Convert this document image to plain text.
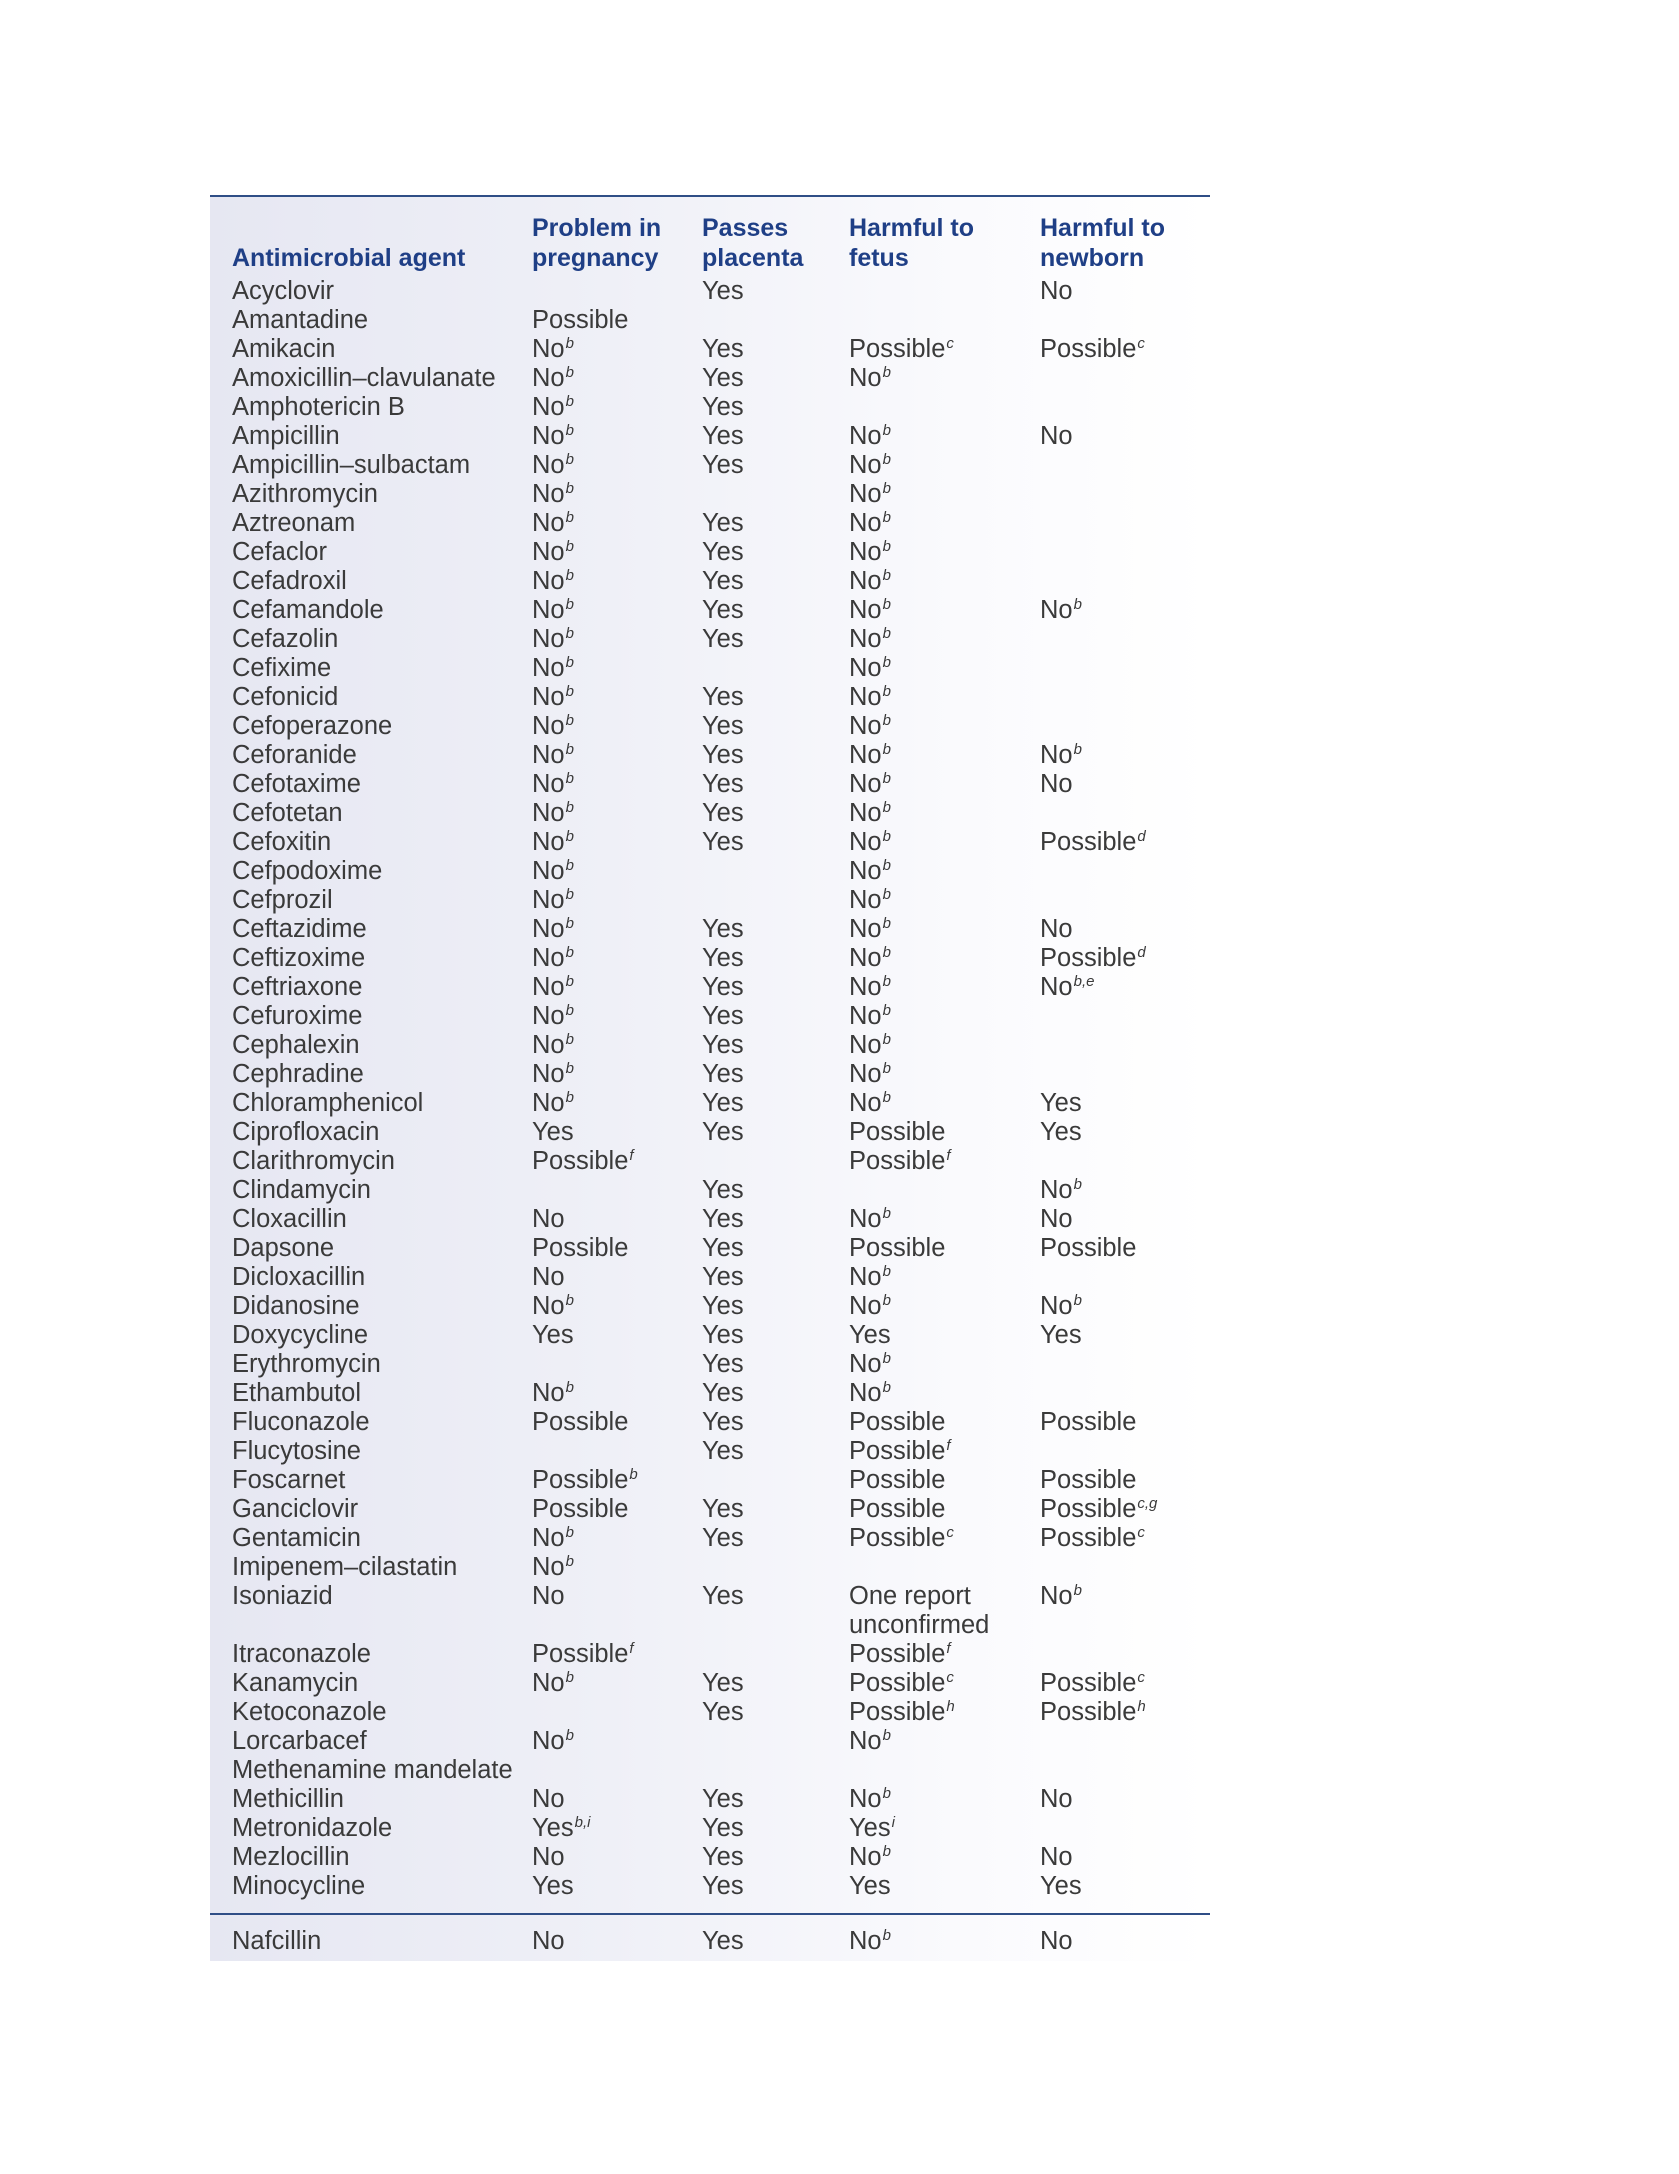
Antimicrobial agent	Problem in pregnancy	Passes placenta	Harmful to fetus	Harmful to newborn
Acyclovir		Yes		No
Amantadine	Possible			
Amikacin	No$^b$	Yes	Possible$^c$	Possible$^c$
Amoxicillin–clavulanate	No$^b$	Yes	No$^b$	
Amphotericin B	No$^b$	Yes		
Ampicillin	No$^b$	Yes	No$^b$	No
Ampicillin–sulbactam	No$^b$	Yes	No$^b$	
Azithromycin	No$^b$		No$^b$	
Aztreonam	No$^b$	Yes	No$^b$	
Cefaclor	No$^b$	Yes	No$^b$	
Cefadroxil	No$^b$	Yes	No$^b$	
Cefamandole	No$^b$	Yes	No$^b$	No$^b$
Cefazolin	No$^b$	Yes	No$^b$	
Cefixime	No$^b$		No$^b$	
Cefonicid	No$^b$	Yes	No$^b$	
Cefoperazone	No$^b$	Yes	No$^b$	
Ceforanide	No$^b$	Yes	No$^b$	No$^b$
Cefotaxime	No$^b$	Yes	No$^b$	No
Cefotetan	No$^b$	Yes	No$^b$	
Cefoxitin	No$^b$	Yes	No$^b$	Possible$^d$
Cefpodoxime	No$^b$		No$^b$	
Cefprozil	No$^b$		No$^b$	
Ceftazidime	No$^b$	Yes	No$^b$	No
Ceftizoxime	No$^b$	Yes	No$^b$	Possible$^d$
Ceftriaxone	No$^b$	Yes	No$^b$	No$^{b,e}$
Cefuroxime	No$^b$	Yes	No$^b$	
Cephalexin	No$^b$	Yes	No$^b$	
Cephradine	No$^b$	Yes	No$^b$	
Chloramphenicol	No$^b$	Yes	No$^b$	Yes
Ciprofloxacin	Yes	Yes	Possible	Yes
Clarithromycin	Possible$^f$		Possible$^f$	
Clindamycin		Yes		No$^b$
Cloxacillin	No	Yes	No$^b$	No
Dapsone	Possible	Yes	Possible	Possible
Dicloxacillin	No	Yes	No$^b$	
Didanosine	No$^b$	Yes	No$^b$	No$^b$
Doxycycline	Yes	Yes	Yes	Yes
Erythromycin		Yes	No$^b$	
Ethambutol	No$^b$	Yes	No$^b$	
Fluconazole	Possible	Yes	Possible	Possible
Flucytosine		Yes	Possible$^f$	
Foscarnet	Possible$^b$		Possible	Possible
Ganciclovir	Possible	Yes	Possible	Possible$^{c,g}$
Gentamicin	No$^b$	Yes	Possible$^c$	Possible$^c$
Imipenem–cilastatin	No$^b$			
Isoniazid	No	Yes	One report unconfirmed	No$^b$
Itraconazole	Possible$^f$		Possible$^f$	
Kanamycin	No$^b$	Yes	Possible$^c$	Possible$^c$
Ketoconazole		Yes	Possible$^h$	Possible$^h$
Lorcarbacef	No$^b$		No$^b$	
Methenamine mandelate				
Methicillin	No	Yes	No$^b$	No
Metronidazole	Yes$^{b,i}$	Yes	Yes$^i$	
Mezlocillin	No	Yes	No$^b$	No
Minocycline	Yes	Yes	Yes	Yes
Nafcillin	No	Yes	No$^b$	No
